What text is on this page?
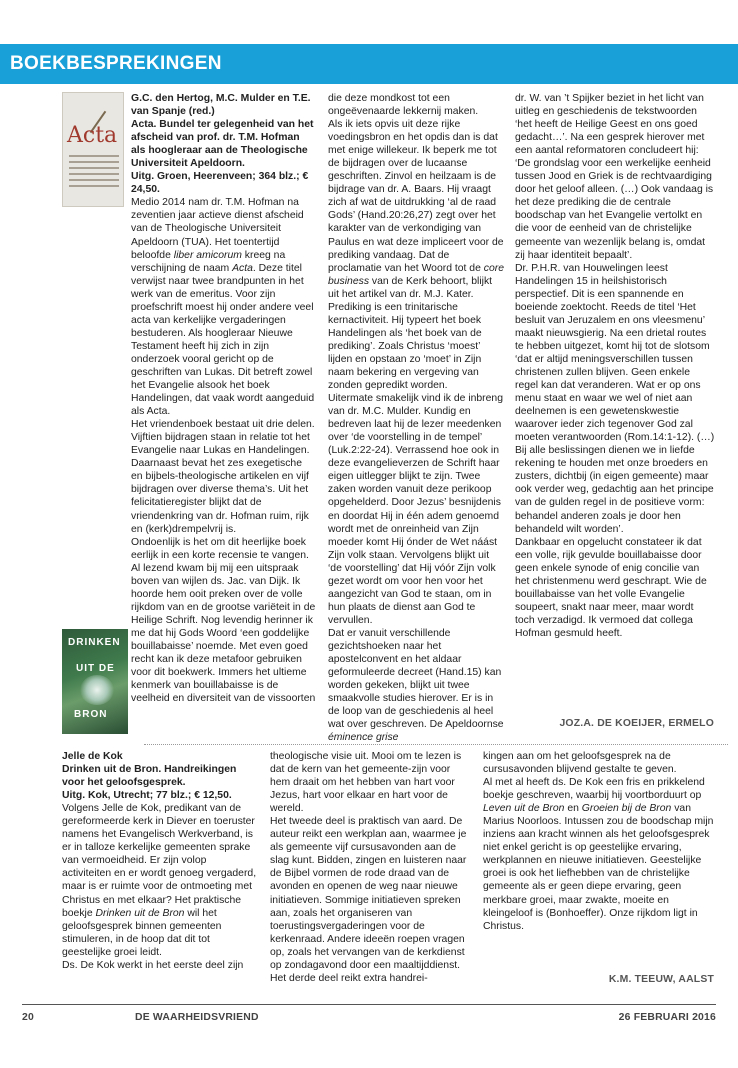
BOEKBESPREKINGEN
Acta

G.C. den Hertog, M.C. Mulder en T.E. van Spanje (red.)

Acta. Bundel ter gelegenheid van het afscheid van prof. dr. T.M. Hofman als hoogleraar aan de Theologische Universiteit Apeldoorn.

Uitg. Groen, Heerenveen; 364 blz.; € 24,50.

Medio 2014 nam dr. T.M. Hofman na zeventien jaar actieve dienst afscheid van de Theologische Universiteit Apeldoorn (TUA). Het toentertijd beloofde liber amicorum kreeg na verschijning de naam Acta. Deze titel verwijst naar twee brandpunten in het werk van de emeritus. Voor zijn proefschrift moest hij onder andere veel acta van kerkelijke vergaderingen bestuderen. Als hoogleraar Nieuwe Testament heeft hij zich in zijn onderzoek vooral gericht op de geschriften van Lukas. Dit betreft zowel het Evangelie alsook het boek Handelingen, dat vaak wordt aangeduid als Acta.

Het vriendenboek bestaat uit drie delen. Vijftien bijdragen staan in relatie tot het Evangelie naar Lukas en Handelingen. Daarnaast bevat het zes exegetische en bijbels-theologische artikelen en vijf bijdragen over diverse thema’s. Uit het felicitatieregister blijkt dat de vriendenkring van dr. Hofman ruim, rijk en (kerk)drempelvrij is.

Ondoenlijk is het om dit heerlijke boek eerlijk in een korte recensie te vangen. Al lezend kwam bij mij een uitspraak boven van wijlen ds. Jac. van Dijk. Ik hoorde hem ooit preken over de volle rijkdom van en de grootse variëteit in de Heilige Schrift. Nog levendig herinner ik me dat hij Gods Woord ‘een goddelijke bouillabaisse’ noemde. Met even goed recht kan ik deze metafoor gebruiken voor dit boekwerk. Immers het ultieme kenmerk van bouillabaisse is de veelheid en diversiteit van de vissoorten

die deze mondkost tot een ongeëvenaarde lekkernij maken.

Als ik iets opvis uit deze rijke voedingsbron en het opdis dan is dat met enige willekeur. Ik beperk me tot de bijdragen over de lucaanse geschriften. Zinvol en heilzaam is de bijdrage van dr. A. Baars. Hij vraagt zich af wat de uitdrukking ‘al de raad Gods’ (Hand.20:26,27) zegt over het karakter van de verkondiging van Paulus en wat deze impliceert voor de prediking vandaag. Dat de proclamatie van het Woord tot de core business van de Kerk behoort, blijkt uit het artikel van dr. M.J. Kater. Prediking is een trinitarische kernactiviteit. Hij typeert het boek Handelingen als ‘het boek van de prediking’. Zoals Christus ‘moest’ lijden en opstaan zo ‘moet’ in Zijn naam bekering en vergeving van zonden gepredikt worden.

Uitermate smakelijk vind ik de inbreng van dr. M.C. Mulder. Kundig en bedreven laat hij de lezer meedenken over ‘de voorstelling in de tempel’ (Luk.2:22-24). Verrassend hoe ook in deze evangelieverzen de Schrift haar eigen uitlegger blijkt te zijn. Twee zaken worden vanuit deze perikoop opgehelderd. Door Jezus’ besnijdenis en doordat Hij in één adem genoemd wordt met de onreinheid van Zijn moeder komt Hij ónder de Wet náást Zijn volk staan. Vervolgens blijkt uit ‘de voorstelling’ dat Hij vóór Zijn volk gezet wordt om voor hen voor het aangezicht van God te staan, om in hun plaats de dienst aan God te vervullen.

Dat er vanuit verschillende gezichtshoeken naar het apostelconvent en het aldaar geformuleerde decreet (Hand.15) kan worden gekeken, blijkt uit twee smaakvolle studies hierover. Er is in de loop van de geschiedenis al heel wat over geschreven. De Apeldoornse éminence grise

dr. W. van ’t Spijker beziet in het licht van uitleg en geschiedenis de tekstwoorden ‘het heeft de Heilige Geest en ons goed gedacht…’. Na een gesprek hierover met een aantal reformatoren concludeert hij: ‘De grondslag voor een werkelijke eenheid tussen Jood en Griek is de rechtvaardiging door het geloof alleen. (…) Ook vandaag is het deze prediking die de centrale boodschap van het Evangelie vertolkt en die voor de eenheid van de christelijke gemeente van wezenlijk belang is, omdat zij haar identiteit bepaalt’.

Dr. P.H.R. van Houwelingen leest Handelingen 15 in heilshistorisch perspectief. Dit is een spannende en boeiende zoektocht. Reeds de titel ‘Het besluit van Jeruzalem en ons vleesmenu’ maakt nieuwsgierig. Na een drietal routes te hebben uitgezet, komt hij tot de slotsom ‘dat er altijd meningsverschillen tussen christenen zullen blijven. Geen enkele regel kan dat veranderen. Wat er op ons menu staat en waar we wel of niet aan deelnemen is een gewetenskwestie waarover ieder zich tegenover God zal moeten verantwoorden (Rom.14:1-12). (…) Bij alle beslissingen dienen we in liefde rekening te houden met onze broeders en zusters, dichtbij (in eigen gemeente) maar ook verder weg, gedachtig aan het principe van de gulden regel in de positieve vorm: behandel anderen zoals je door hen behandeld wilt worden’.

Dankbaar en opgelucht constateer ik dat een volle, rijk gevulde bouillabaisse door geen enkele synode of enig concilie van het christenmenu werd geschrapt. Wie de bouillabaisse van het volle Evangelie soupeert, snakt naar meer, maar wordt toch verzadigd. Ik vermoed dat collega Hofman gesmuld heeft.

JOZ.A. DE KOEIJER, ERMELO
DRINKEN
UIT DE
BRON

Jelle de Kok

Drinken uit de Bron. Handreikingen voor het geloofsgesprek.

Uitg. Kok, Utrecht; 77 blz.; € 12,50.

Volgens Jelle de Kok, predikant van de gereformeerde kerk in Diever en toeruster namens het Evangelisch Werkverband, is er in talloze kerkelijke gemeenten sprake van vermoeidheid. Er zijn volop activiteiten en er wordt genoeg vergaderd, maar is er ruimte voor de ontmoeting met Christus en met elkaar? Het praktische boekje Drinken uit de Bron wil het geloofsgesprek binnen gemeenten stimuleren, in de hoop dat dit tot geestelijke groei leidt.

Ds. De Kok werkt in het eerste deel zijn

theologische visie uit. Mooi om te lezen is dat de kern van het gemeente-zijn voor hem draait om het hebben van hart voor Jezus, hart voor elkaar en hart voor de wereld.

Het tweede deel is praktisch van aard. De auteur reikt een werkplan aan, waarmee je als gemeente vijf cursusavonden aan de slag kunt. Bidden, zingen en luisteren naar de Bijbel vormen de rode draad van de avonden en openen de weg naar nieuwe initiatieven. Sommige initiatieven spreken aan, zoals het organiseren van toerustingsvergaderingen voor de kerkenraad. Andere ideeën roepen vragen op, zoals het vervangen van de kerkdienst op zondagavond door een maaltijddienst. Het derde deel reikt extra handrei-

kingen aan om het geloofsgesprek na de cursusavonden blijvend gestalte te geven.

Al met al heeft ds. De Kok een fris en prikkelend boekje geschreven, waarbij hij voortborduurt op Leven uit de Bron en Groeien bij de Bron van Marius Noorloos. Intussen zou de boodschap mijn inziens aan kracht winnen als het geloofsgesprek niet enkel gericht is op geestelijke ervaring, werkplannen en nieuwe initiatieven. Geestelijke groei is ook het liefhebben van de christelijke gemeente als er geen diepe ervaring, geen merkbare groei, maar zwakte, moeite en kleingeloof is (Bonhoeffer). Onze rijkdom ligt in Christus.

K.M. TEEUW, AALST
20	DE WAARHEIDSVRIEND	26 FEBRUARI 2016
